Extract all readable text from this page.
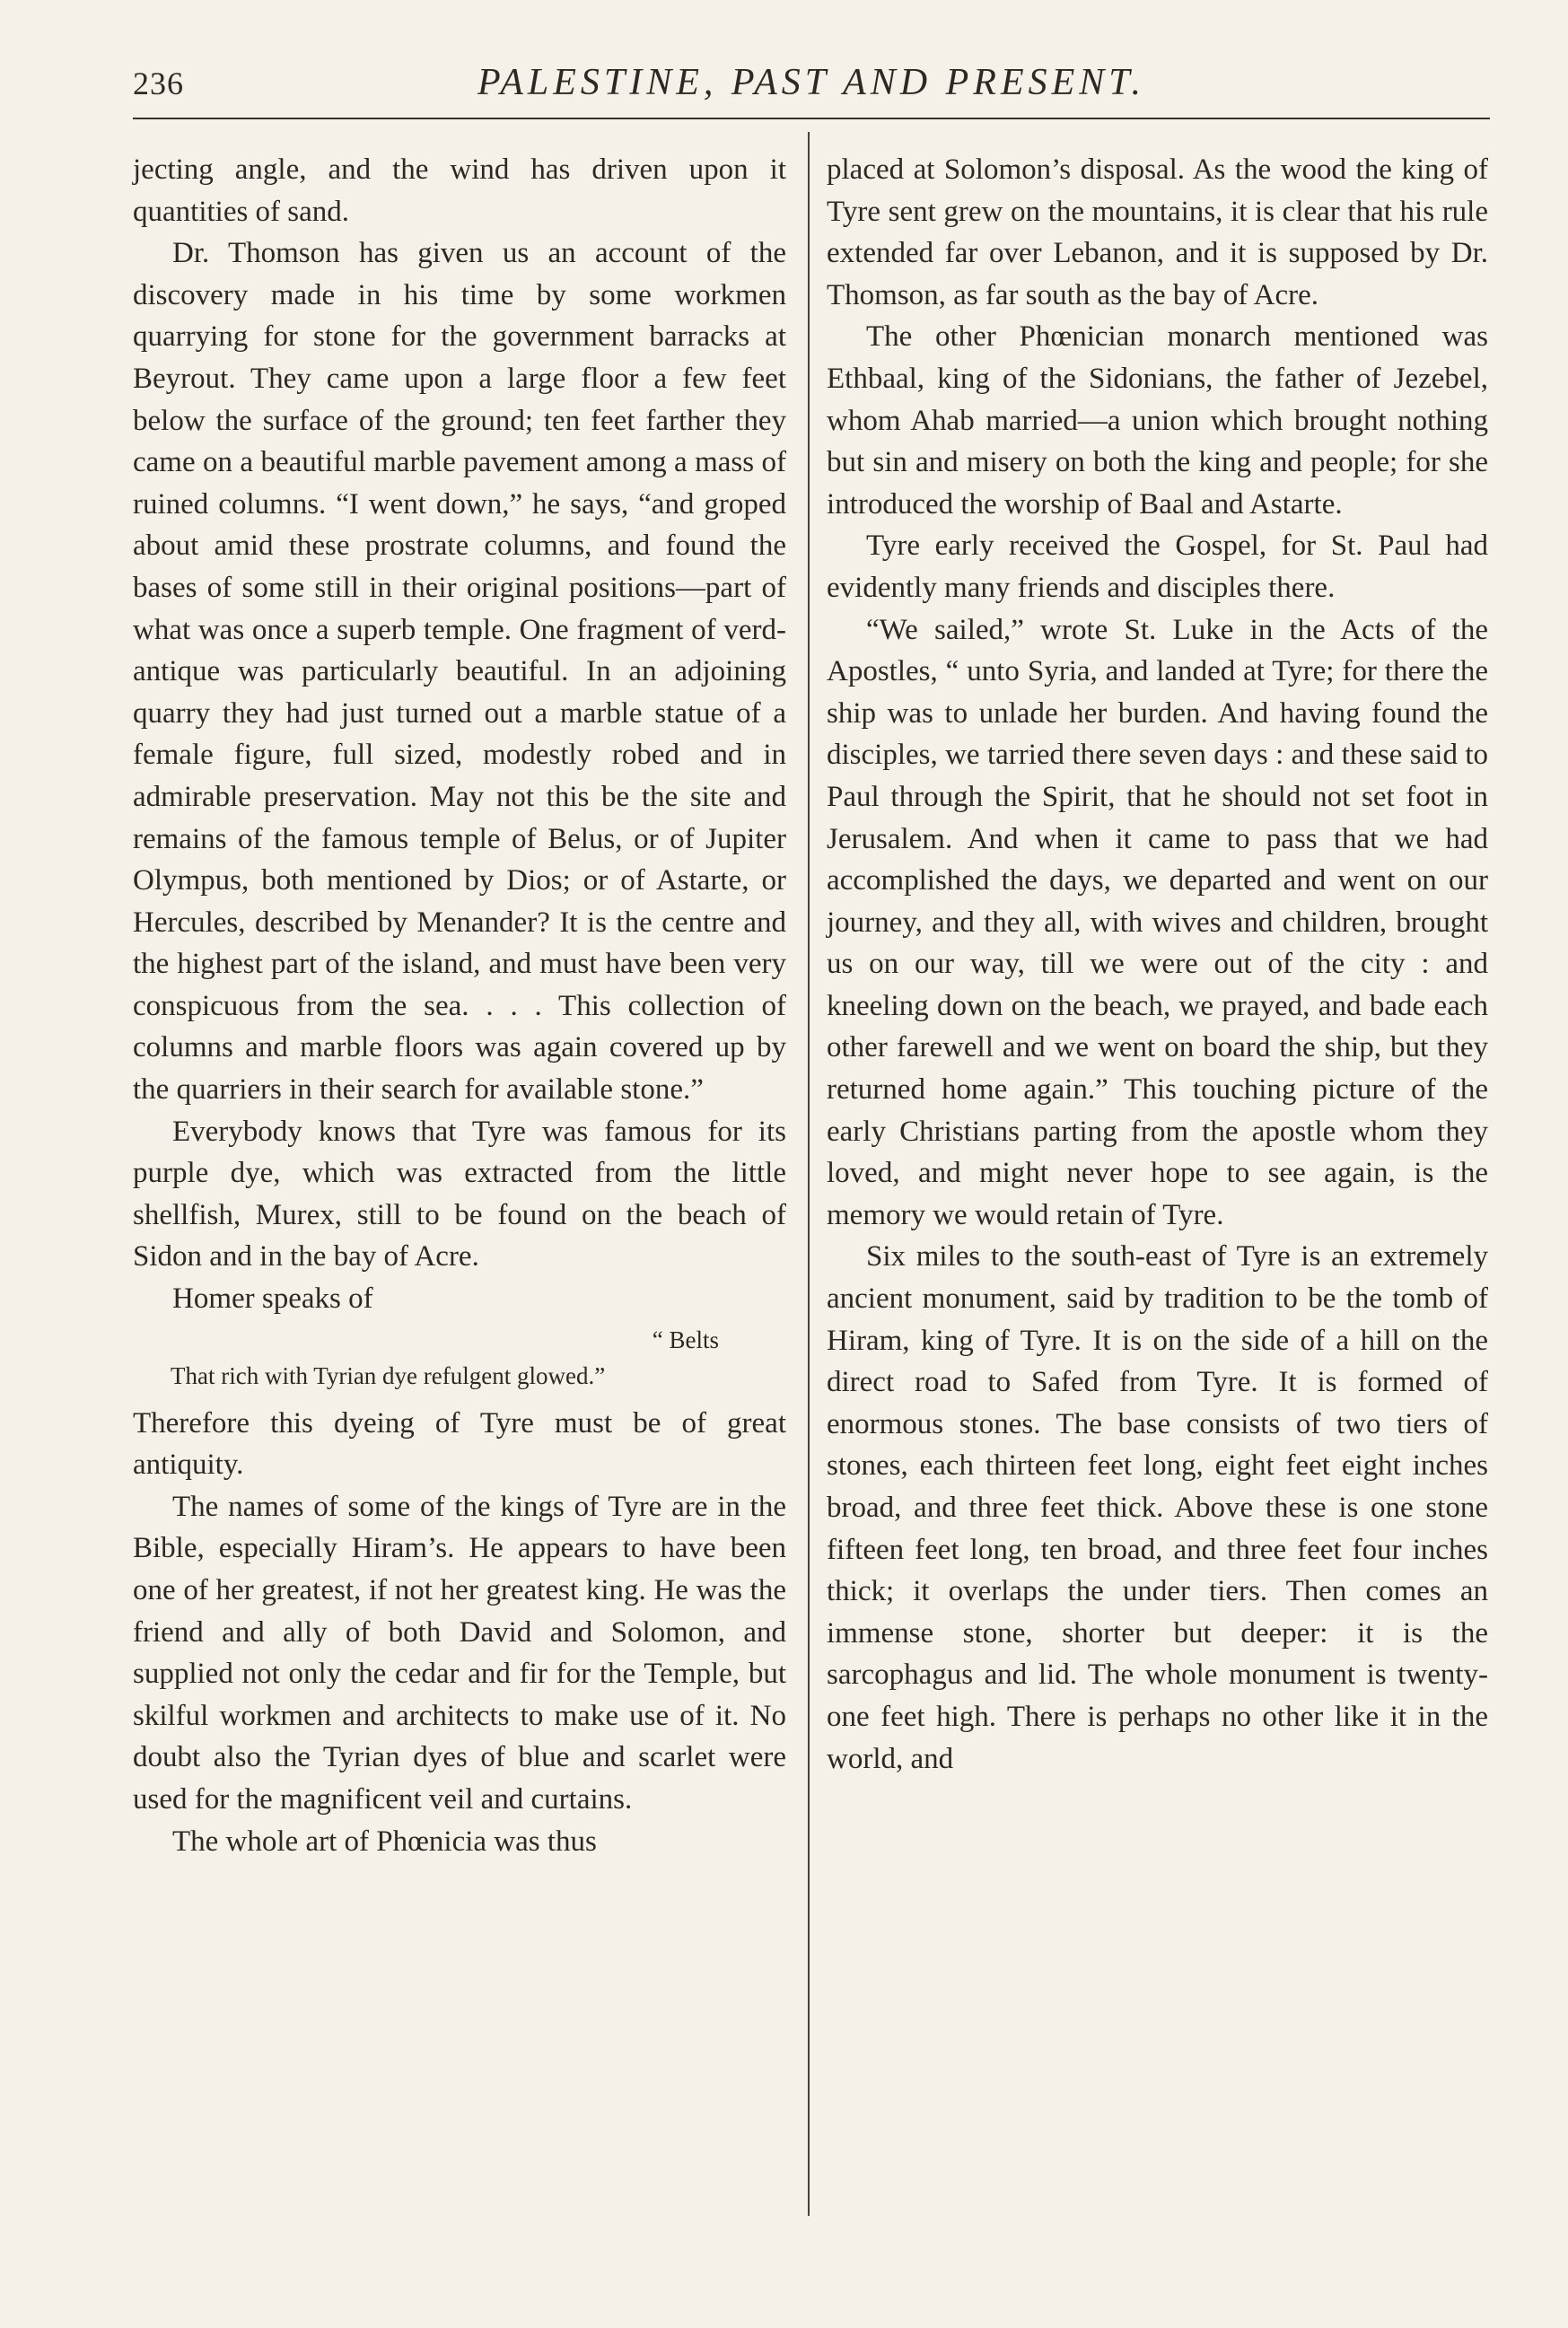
236	PALESTINE, PAST AND PRESENT.

jecting angle, and the wind has driven upon it quantities of sand.

Dr. Thomson has given us an account of the discovery made in his time by some workmen quarrying for stone for the government barracks at Beyrout. They came upon a large floor a few feet below the surface of the ground; ten feet farther they came on a beautiful marble pavement among a mass of ruined columns. “I went down,” he says, “and groped about amid these prostrate columns, and found the bases of some still in their original positions—part of what was once a superb temple. One fragment of verd-antique was particularly beautiful. In an adjoining quarry they had just turned out a marble statue of a female figure, full sized, modestly robed and in admirable preservation. May not this be the site and remains of the famous temple of Belus, or of Jupiter Olympus, both mentioned by Dios; or of Astarte, or Hercules, described by Menander? It is the centre and the highest part of the island, and must have been very conspicuous from the sea. . . . This collection of columns and marble floors was again covered up by the quarriers in their search for available stone.”

Everybody knows that Tyre was famous for its purple dye, which was extracted from the little shellfish, Murex, still to be found on the beach of Sidon and in the bay of Acre.

Homer speaks of

“ Belts
That rich with Tyrian dye refulgent glowed.”

Therefore this dyeing of Tyre must be of great antiquity.

The names of some of the kings of Tyre are in the Bible, especially Hiram’s. He appears to have been one of her greatest, if not her greatest king. He was the friend and ally of both David and Solomon, and supplied not only the cedar and fir for the Temple, but skilful workmen and architects to make use of it. No doubt also the Tyrian dyes of blue and scarlet were used for the magnificent veil and curtains.

The whole art of Phœnicia was thus

placed at Solomon’s disposal. As the wood the king of Tyre sent grew on the mountains, it is clear that his rule extended far over Lebanon, and it is supposed by Dr. Thomson, as far south as the bay of Acre.

The other Phœnician monarch mentioned was Ethbaal, king of the Sidonians, the father of Jezebel, whom Ahab married—a union which brought nothing but sin and misery on both the king and people; for she introduced the worship of Baal and Astarte.

Tyre early received the Gospel, for St. Paul had evidently many friends and disciples there.

“We sailed,” wrote St. Luke in the Acts of the Apostles, “ unto Syria, and landed at Tyre; for there the ship was to unlade her burden. And having found the disciples, we tarried there seven days : and these said to Paul through the Spirit, that he should not set foot in Jerusalem. And when it came to pass that we had accomplished the days, we departed and went on our journey, and they all, with wives and children, brought us on our way, till we were out of the city : and kneeling down on the beach, we prayed, and bade each other farewell and we went on board the ship, but they returned home again.” This touching picture of the early Christians parting from the apostle whom they loved, and might never hope to see again, is the memory we would retain of Tyre.

Six miles to the south-east of Tyre is an extremely ancient monument, said by tradition to be the tomb of Hiram, king of Tyre. It is on the side of a hill on the direct road to Safed from Tyre. It is formed of enormous stones. The base consists of two tiers of stones, each thirteen feet long, eight feet eight inches broad, and three feet thick. Above these is one stone fifteen feet long, ten broad, and three feet four inches thick; it overlaps the under tiers. Then comes an immense stone, shorter but deeper: it is the sarcophagus and lid. The whole monument is twenty-one feet high. There is perhaps no other like it in the world, and
